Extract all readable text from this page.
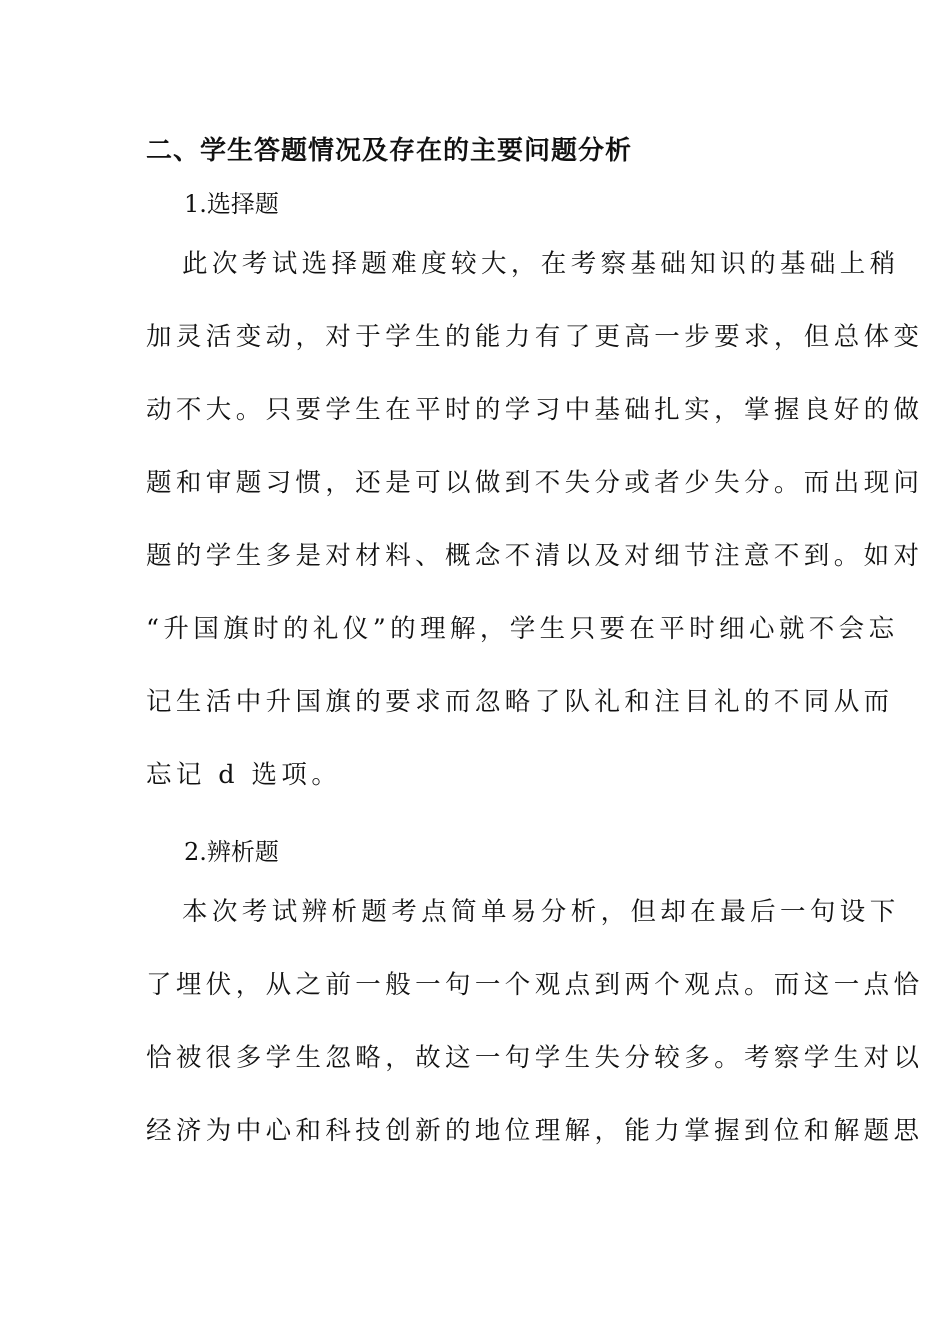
二、学生答题情况及存在的主要问题分析
1.选择题
此次考试选择题难度较大，在考察基础知识的基础上稍
加灵活变动，对于学生的能力有了更高一步要求，但总体变
动不大。只要学生在平时的学习中基础扎实，掌握良好的做
题和审题习惯，还是可以做到不失分或者少失分。而出现问
题的学生多是对材料、概念不清以及对细节注意不到。如对
“升国旗时的礼仪”的理解，学生只要在平时细心就不会忘
记生活中升国旗的要求而忽略了队礼和注目礼的不同从而
忘记 d 选项。
2.辨析题
本次考试辨析题考点简单易分析，但却在最后一句设下
了埋伏，从之前一般一句一个观点到两个观点。而这一点恰
恰被很多学生忽略，故这一句学生失分较多。考察学生对以
经济为中心和科技创新的地位理解，能力掌握到位和解题思
